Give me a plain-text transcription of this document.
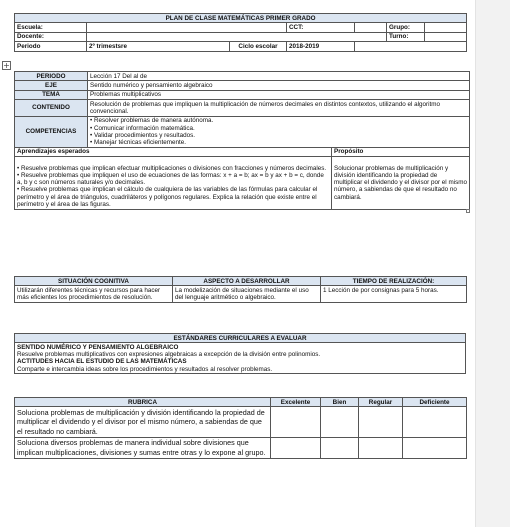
PLAN DE CLASE MATEMÁTICAS PRIMER GRADO						
Escuela:			CCT:		Grupo:	
Docente:					Turno:	
Periodo	2º trimestsre	Ciclo escolar	2018-2019			
+
PERIODO	Lección 17 Del al de	
EJE	Sentido numérico y pensamiento algebraico	
TEMA	Problemas multiplicativos	
CONTENIDO	Resolución de problemas que impliquen la multiplicación de números decimales en distintos contextos, utilizando el algoritmo convencional.	
COMPETENCIAS	• Resolver problemas de manera autónoma.
• Comunicar información matemática.
• Validar procedimientos y resultados.
• Manejar técnicas eficientemente.	

Aprendizajes esperados		Propósito

• Resuelve problemas que implican efectuar multiplicaciones o divisiones con fracciones y números decimales.
• Resuelve problemas que impliquen el uso de ecuaciones de las formas: x + a = b; ax = b y ax + b = c, donde a, b y c son números naturales y/o decimales.
• Resuelve problemas que implican el cálculo de cualquiera de las variables de las fórmulas para calcular el perímetro y el área de triángulos, cuadriláteros y polígonos regulares. Explica la relación que existe entre el perímetro y el área de las figuras.		Solucionar problemas de multiplicación y división identificando la propiedad de multiplicar el dividendo y el divisor por el mismo número, a sabiendas de que el resultado no cambiará.
SITUACIÓN COGNITIVA	ASPECTO A DESARROLLAR	TIEMPO DE REALIZACIÓN:
Utilizarán diferentes técnicas y recursos para hacer más eficientes los procedimientos de resolución.	La modelización de situaciones mediante el uso del lenguaje aritmético o algebraico.	1 Lección de por consignas para 5 horas.
ESTÁNDARES CURRICULARES A EVALUAR

SENTIDO NUMÉRICO Y PENSAMIENTO ALGEBRAICO
Resuelve problemas multiplicativos con expresiones algebraicas a excepción de la división entre polinomios.
ACTITUDES HACIA EL ESTUDIO DE LAS MATEMÁTICAS
Comparte e intercambia ideas sobre los procedimientos y resultados al resolver problemas.
RUBRICA	Excelente	Bien	Regular	Deficiente
Soluciona problemas de multiplicación y división identificando la propiedad de multiplicar el dividendo y el divisor por el mismo número, a sabiendas de que el resultado no cambiará.				
Soluciona diversos problemas de manera individual sobre divisiones que implican multiplicaciones, divisiones y sumas entre otras y lo expone al grupo.				
